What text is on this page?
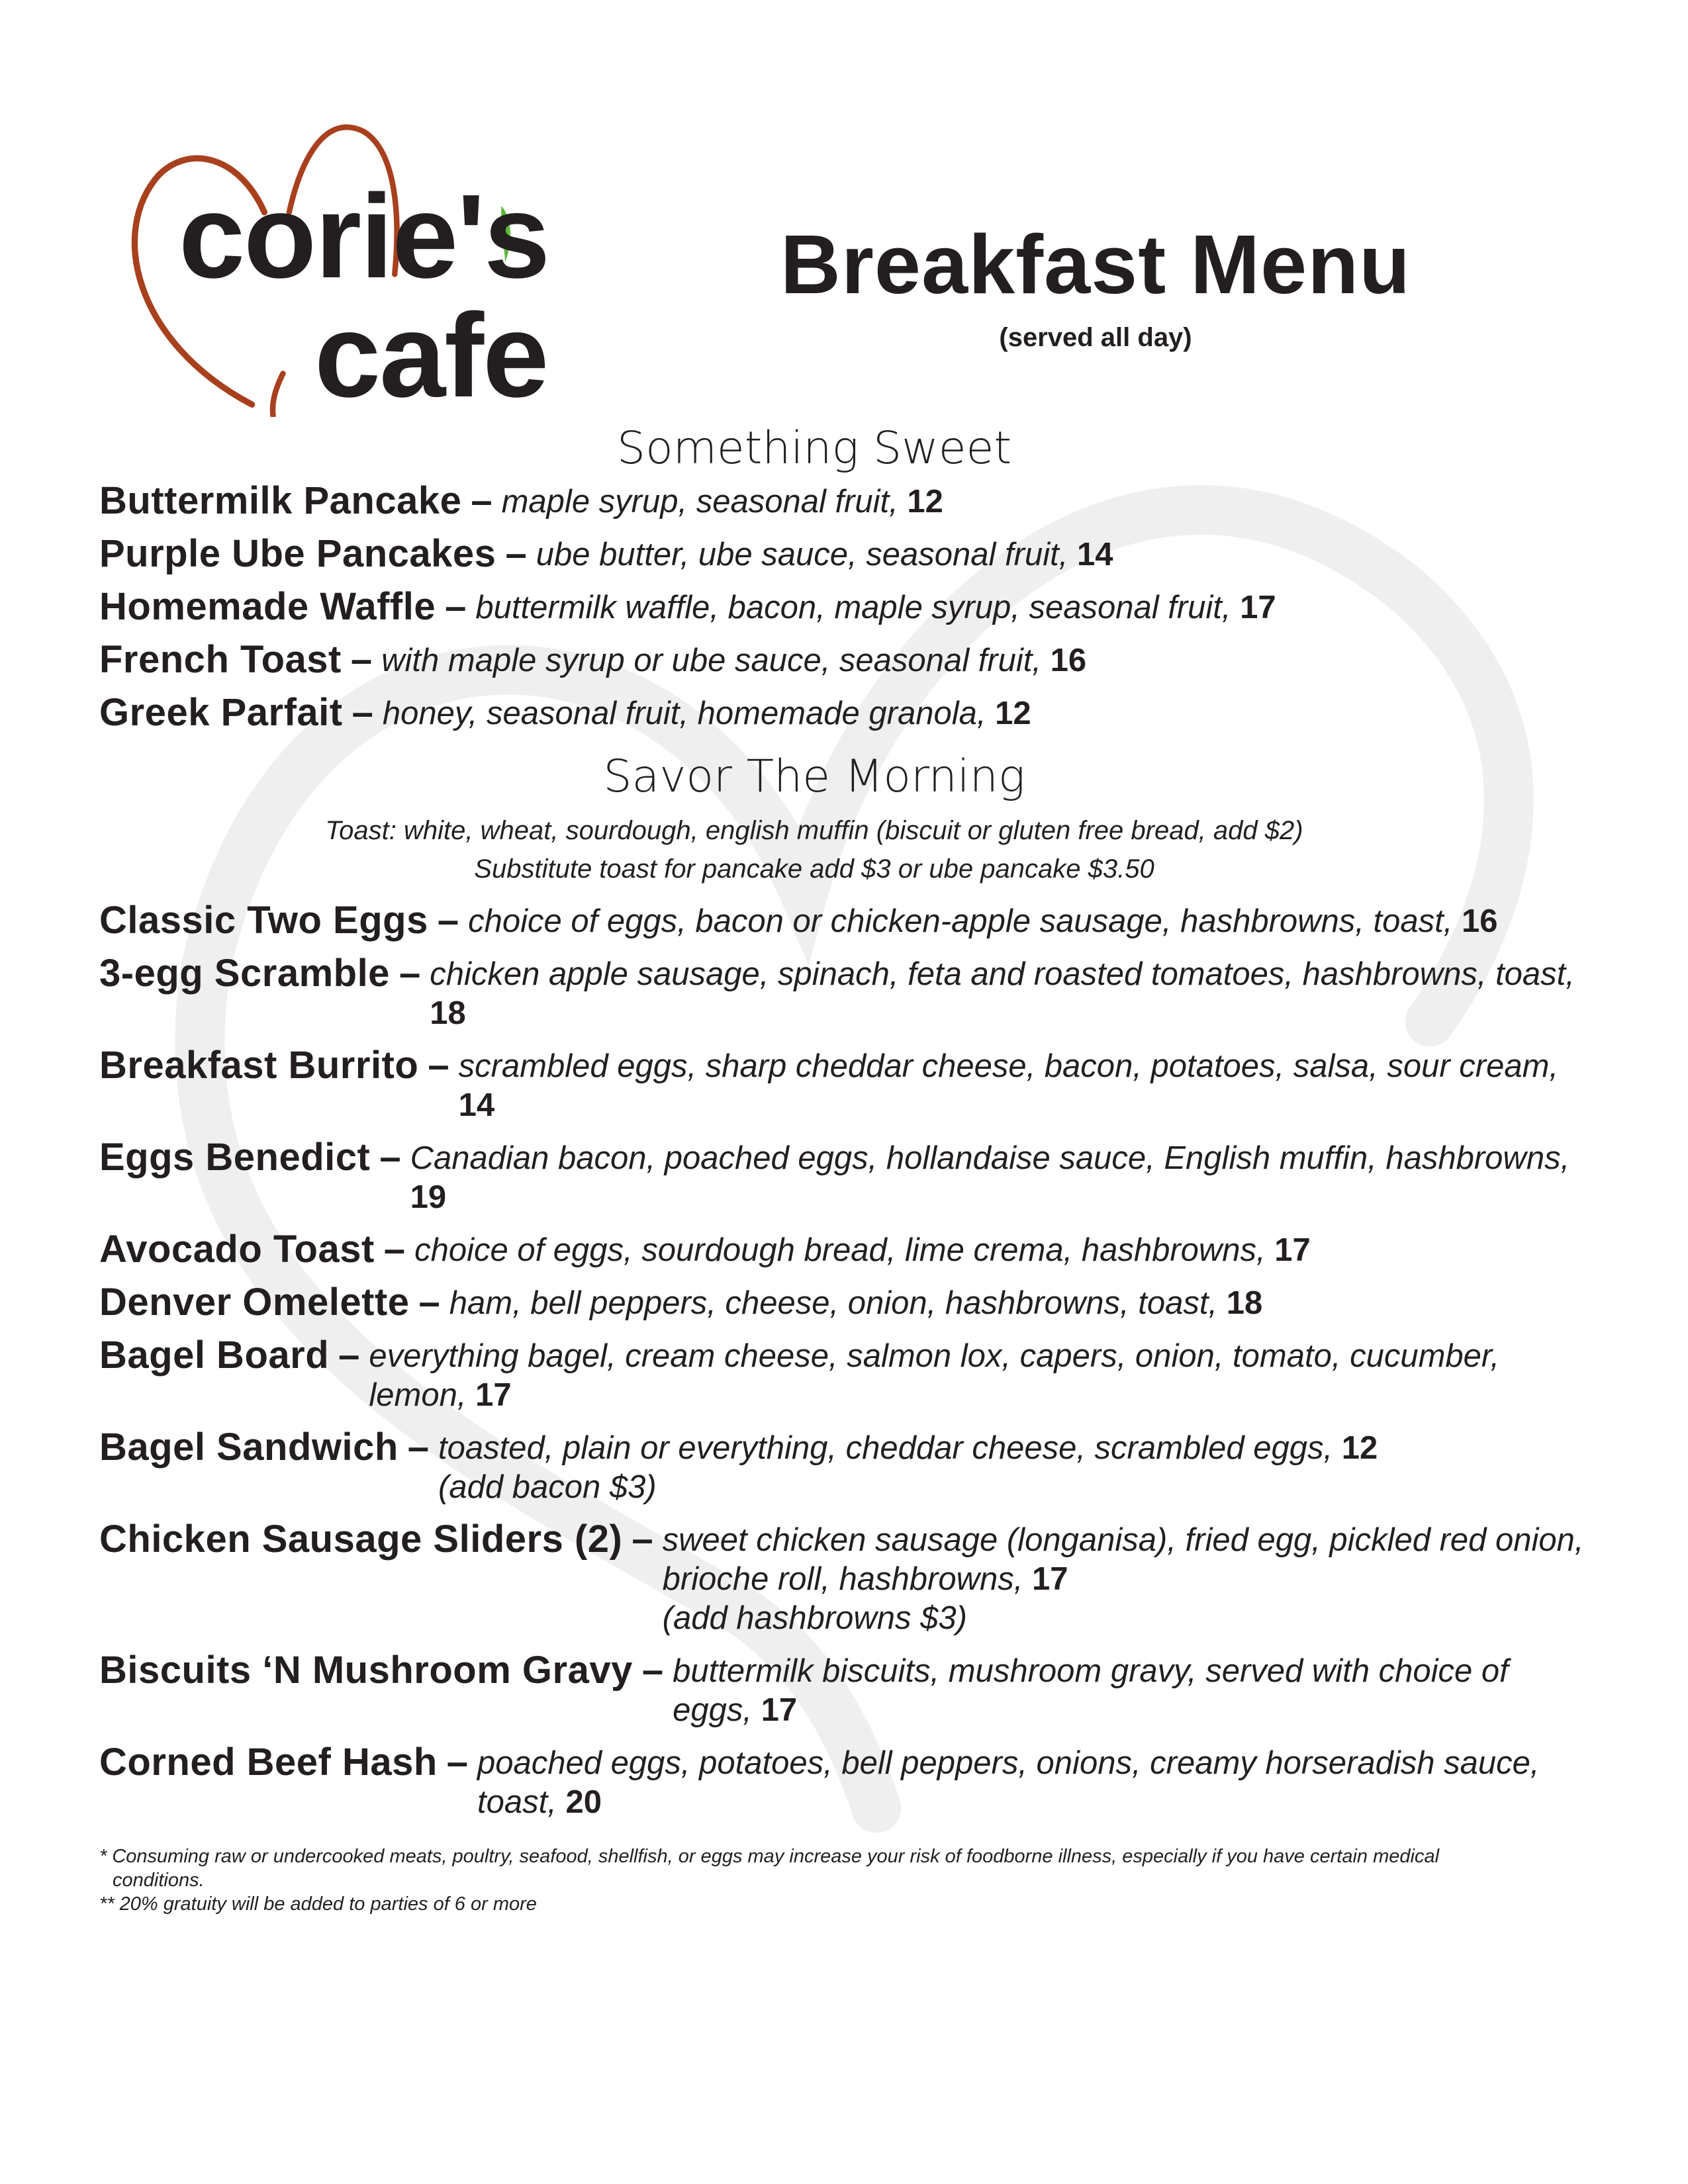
corie's
cafe
Breakfast Menu
(served all day)
Something Sweet
Buttermilk Pancake – maple syrup, seasonal fruit, 12
Purple Ube Pancakes – ube butter, ube sauce, seasonal fruit, 14
Homemade Waffle – buttermilk waffle, bacon, maple syrup, seasonal fruit, 17
French Toast – with maple syrup or ube sauce, seasonal fruit, 16
Greek Parfait – honey, seasonal fruit, homemade granola, 12
Savor The Morning
Toast: white, wheat, sourdough, english muffin (biscuit or gluten free bread, add $2)
Substitute toast for pancake add $3 or ube pancake $3.50
Classic Two Eggs – choice of eggs, bacon or chicken-apple sausage, hashbrowns, toast, 16
3-egg Scramble – chicken apple sausage, spinach, feta and roasted tomatoes, hashbrowns, toast, 18
Breakfast Burrito – scrambled eggs, sharp cheddar cheese, bacon, potatoes, salsa, sour cream, 14
Eggs Benedict – Canadian bacon, poached eggs, hollandaise sauce, English muffin, hashbrowns, 19
Avocado Toast – choice of eggs, sourdough bread, lime crema, hashbrowns, 17
Denver Omelette – ham, bell peppers, cheese, onion, hashbrowns, toast, 18
Bagel Board – everything bagel, cream cheese, salmon lox, capers, onion, tomato, cucumber, lemon, 17
Bagel Sandwich – toasted, plain or everything, cheddar cheese, scrambled eggs, 12
(add bacon $3)
Chicken Sausage Sliders (2) – sweet chicken sausage (longanisa), fried egg, pickled red onion, brioche roll, hashbrowns, 17
(add hashbrowns $3)
Biscuits ‘N Mushroom Gravy – buttermilk biscuits, mushroom gravy, served with choice of eggs, 17
Corned Beef Hash – poached eggs, potatoes, bell peppers, onions, creamy horseradish sauce, toast, 20
* Consuming raw or undercooked meats, poultry, seafood, shellfish, or eggs may increase your risk of foodborne illness, especially if you have certain medical
conditions.
** 20% gratuity will be added to parties of 6 or more
